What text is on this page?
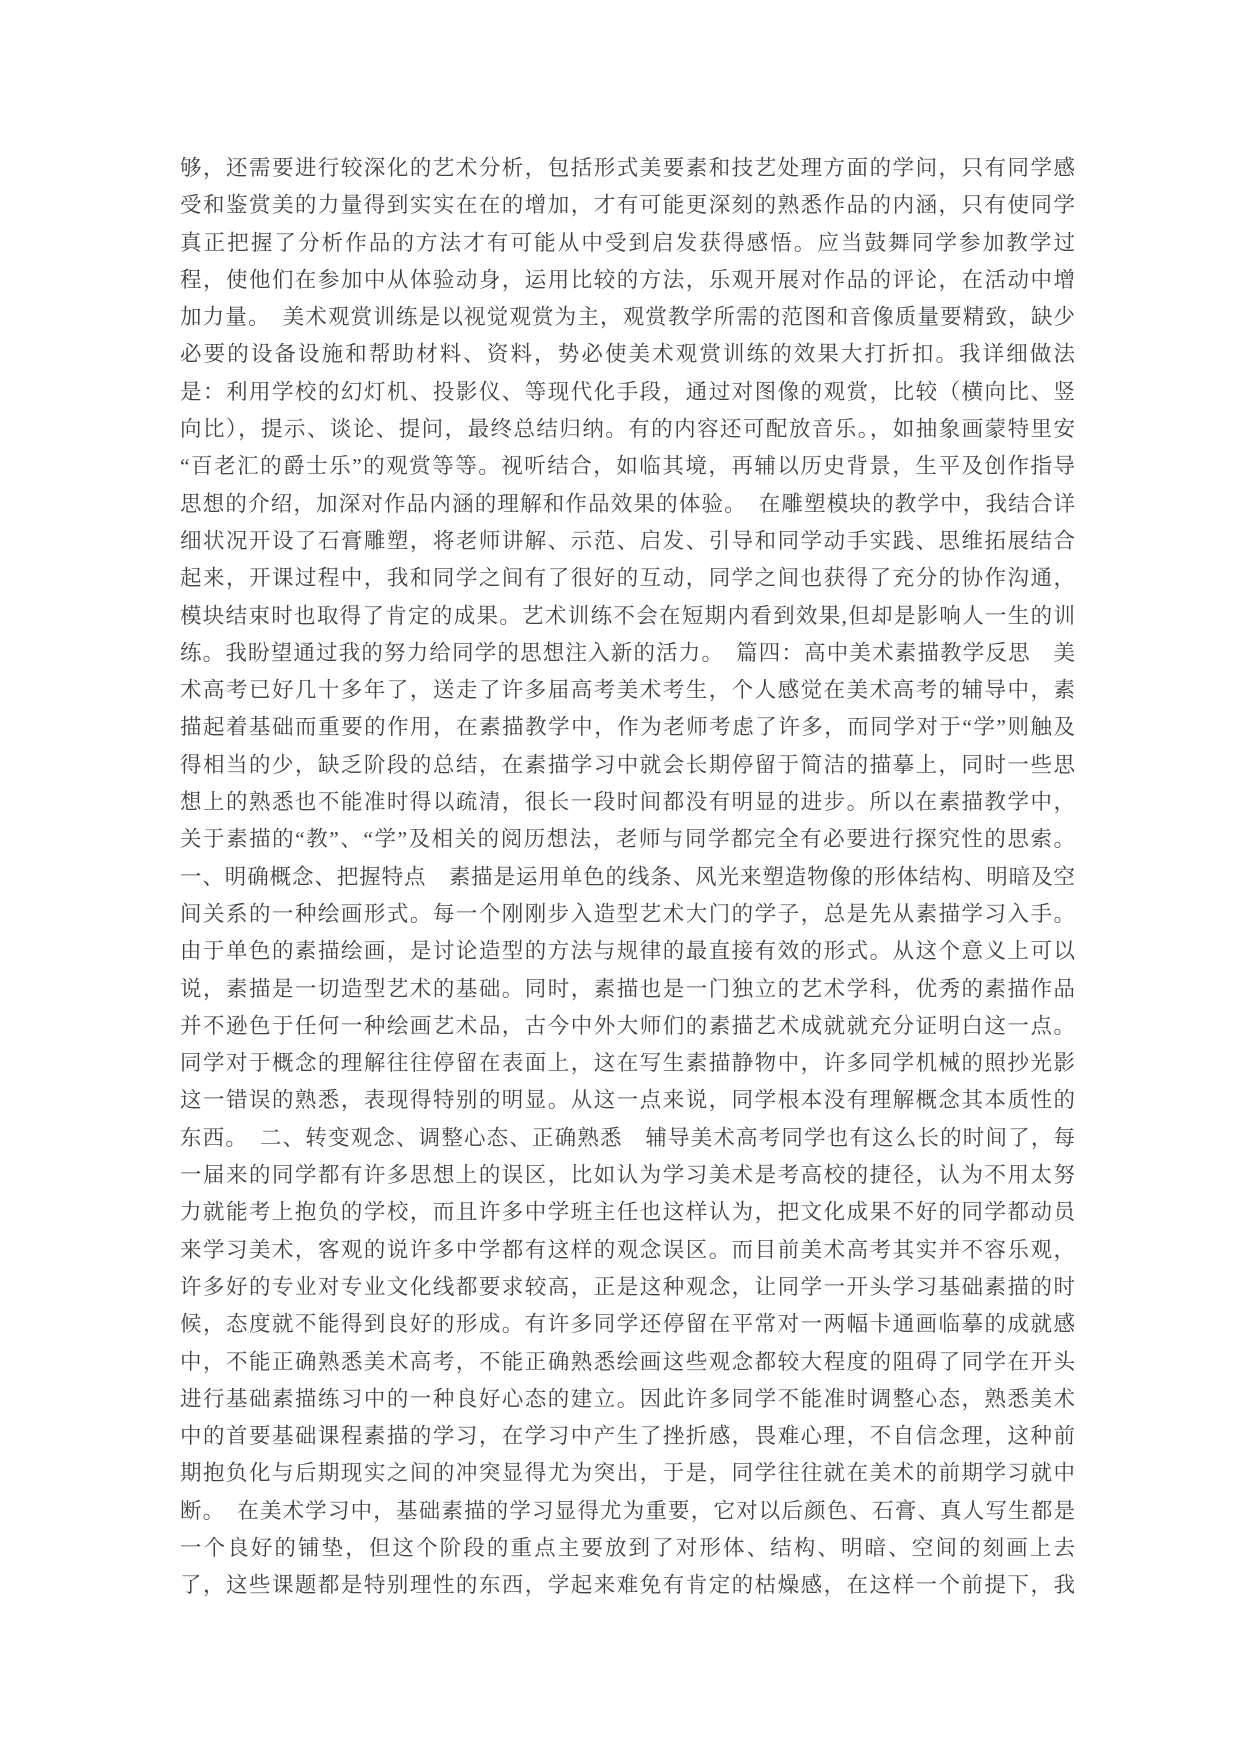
够，还需要进行较深化的艺术分析，包括形式美要素和技艺处理方面的学问，只有同学感
受和鉴赏美的力量得到实实在在的增加，才有可能更深刻的熟悉作品的内涵，只有使同学
真正把握了分析作品的方法才有可能从中受到启发获得感悟。应当鼓舞同学参加教学过
程，使他们在参加中从体验动身，运用比较的方法，乐观开展对作品的评论，在活动中增
加力量。　美术观赏训练是以视觉观赏为主，观赏教学所需的范图和音像质量要精致，缺少
必要的设备设施和帮助材料、资料，势必使美术观赏训练的效果大打折扣。我详细做法
是：利用学校的幻灯机、投影仪、等现代化手段，通过对图像的观赏，比较（横向比、竖
向比），提示、谈论、提问，最终总结归纳。有的内容还可配放音乐。，如抽象画蒙特里安
“百老汇的爵士乐”的观赏等等。视听结合，如临其境，再辅以历史背景，生平及创作指导
思想的介绍，加深对作品内涵的理解和作品效果的体验。　在雕塑模块的教学中，我结合详
细状况开设了石膏雕塑，将老师讲解、示范、启发、引导和同学动手实践、思维拓展结合
起来，开课过程中，我和同学之间有了很好的互动，同学之间也获得了充分的协作沟通，
模块结束时也取得了肯定的成果。艺术训练不会在短期内看到效果,但却是影响人一生的训
练。我盼望通过我的努力给同学的思想注入新的活力。　篇四：高中美术素描教学反思　美
术高考已好几十多年了，送走了许多届高考美术考生，个人感觉在美术高考的辅导中，素
描起着基础而重要的作用，在素描教学中，作为老师考虑了许多，而同学对于“学”则触及
得相当的少，缺乏阶段的总结，在素描学习中就会长期停留于简洁的描摹上，同时一些思
想上的熟悉也不能准时得以疏清，很长一段时间都没有明显的进步。所以在素描教学中，
关于素描的“教”、“学”及相关的阅历想法，老师与同学都完全有必要进行探究性的思索。
一、明确概念、把握特点　素描是运用单色的线条、风光来塑造物像的形体结构、明暗及空
间关系的一种绘画形式。每一个刚刚步入造型艺术大门的学子，总是先从素描学习入手。
由于单色的素描绘画，是讨论造型的方法与规律的最直接有效的形式。从这个意义上可以
说，素描是一切造型艺术的基础。同时，素描也是一门独立的艺术学科，优秀的素描作品
并不逊色于任何一种绘画艺术品，古今中外大师们的素描艺术成就就充分证明白这一点。
同学对于概念的理解往往停留在表面上，这在写生素描静物中，许多同学机械的照抄光影
这一错误的熟悉，表现得特别的明显。从这一点来说，同学根本没有理解概念其本质性的
东西。　二、转变观念、调整心态、正确熟悉　辅导美术高考同学也有这么长的时间了，每
一届来的同学都有许多思想上的误区，比如认为学习美术是考高校的捷径，认为不用太努
力就能考上抱负的学校，而且许多中学班主任也这样认为，把文化成果不好的同学都动员
来学习美术，客观的说许多中学都有这样的观念误区。而目前美术高考其实并不容乐观，
许多好的专业对专业文化线都要求较高，正是这种观念，让同学一开头学习基础素描的时
候，态度就不能得到良好的形成。有许多同学还停留在平常对一两幅卡通画临摹的成就感
中，不能正确熟悉美术高考，不能正确熟悉绘画这些观念都较大程度的阻碍了同学在开头
进行基础素描练习中的一种良好心态的建立。因此许多同学不能准时调整心态，熟悉美术
中的首要基础课程素描的学习，在学习中产生了挫折感，畏难心理，不自信念理，这种前
期抱负化与后期现实之间的冲突显得尤为突出，于是，同学往往就在美术的前期学习就中
断。　在美术学习中，基础素描的学习显得尤为重要，它对以后颜色、石膏、真人写生都是
一个良好的铺垫，但这个阶段的重点主要放到了对形体、结构、明暗、空间的刻画上去
了，这些课题都是特别理性的东西，学起来难免有肯定的枯燥感，在这样一个前提下，我
